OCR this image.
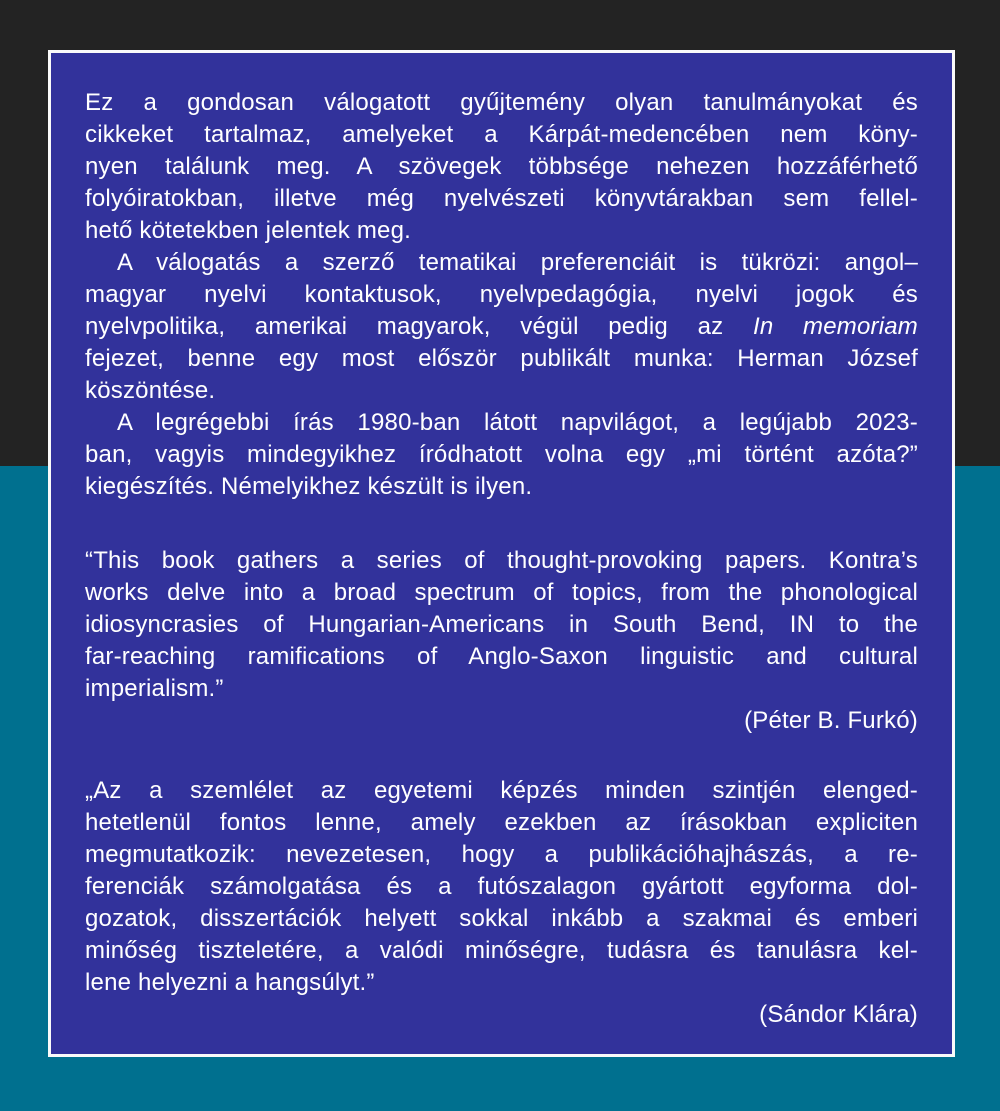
Ez a gondosan válogatott gyűjtemény olyan tanulmányokat és
cikkeket tartalmaz, amelyeket a Kárpát-medencében nem köny-
nyen találunk meg. A szövegek többsége nehezen hozzáférhető
folyóiratokban, illetve még nyelvészeti könyvtárakban sem fellel-
hető kötetekben jelentek meg.
A válogatás a szerző tematikai preferenciáit is tükrözi: angol–
magyar nyelvi kontaktusok, nyelvpedagógia, nyelvi jogok és
nyelvpolitika, amerikai magyarok, végül pedig az In memoriam
fejezet, benne egy most először publikált munka: Herman József
köszöntése.
A legrégebbi írás 1980-ban látott napvilágot, a legújabb 2023-
ban, vagyis mindegyikhez íródhatott volna egy „mi történt azóta?”
kiegészítés. Némelyikhez készült is ilyen.
“This book gathers a series of thought-provoking papers. Kontra’s
works delve into a broad spectrum of topics, from the phonological
idiosyncrasies of Hungarian-Americans in South Bend, IN to the
far-reaching ramifications of Anglo-Saxon linguistic and cultural
imperialism.”
(Péter B. Furkó)
„Az a szemlélet az egyetemi képzés minden szintjén elenged-
hetetlenül fontos lenne, amely ezekben az írásokban expliciten
megmutatkozik: nevezetesen, hogy a publikációhajhászás, a re-
ferenciák számolgatása és a futószalagon gyártott egyforma dol-
gozatok, disszertációk helyett sokkal inkább a szakmai és emberi
minőség tiszteletére, a valódi minőségre, tudásra és tanulásra kel-
lene helyezni a hangsúlyt.”
(Sándor Klára)
